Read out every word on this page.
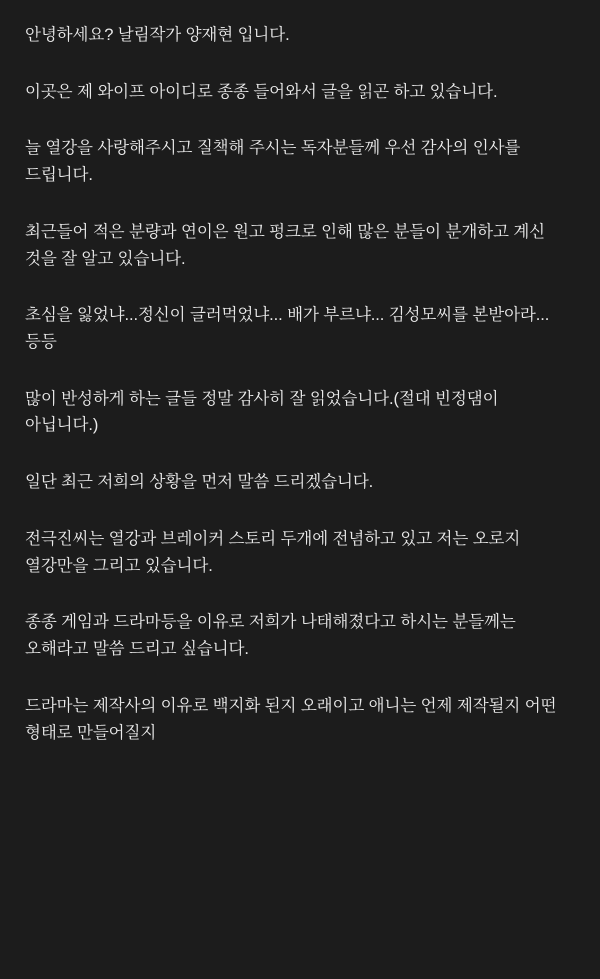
안녕하세요? 날림작가 양재현 입니다.

이곳은 제 와이프 아이디로 종종 들어와서 글을 읽곤 하고 있습니다.

늘 열강을 사랑해주시고 질책해 주시는 독자분들께 우선 감사의 인사를 드립니다.

최근들어 적은 분량과 연이은 원고 펑크로 인해 많은 분들이 분개하고 계신 것을 잘 알고 있습니다.

초심을 잃었냐...정신이 글러먹었냐... 배가 부르냐... 김성모씨를 본받아라...등등

많이 반성하게 하는 글들 정말 감사히 잘 읽었습니다.(절대 빈정댐이 아닙니다.)

일단 최근 저희의 상황을 먼저 말씀 드리겠습니다.

전극진씨는 열강과 브레이커 스토리 두개에 전념하고 있고 저는 오로지 열강만을 그리고 있습니다.

종종 게임과 드라마등을 이유로 저희가 나태해졌다고 하시는 분들께는 오해라고 말씀 드리고 싶습니다.

드라마는 제작사의 이유로 백지화 된지 오래이고 애니는 언제 제작될지 어떤 형태로 만들어질지
